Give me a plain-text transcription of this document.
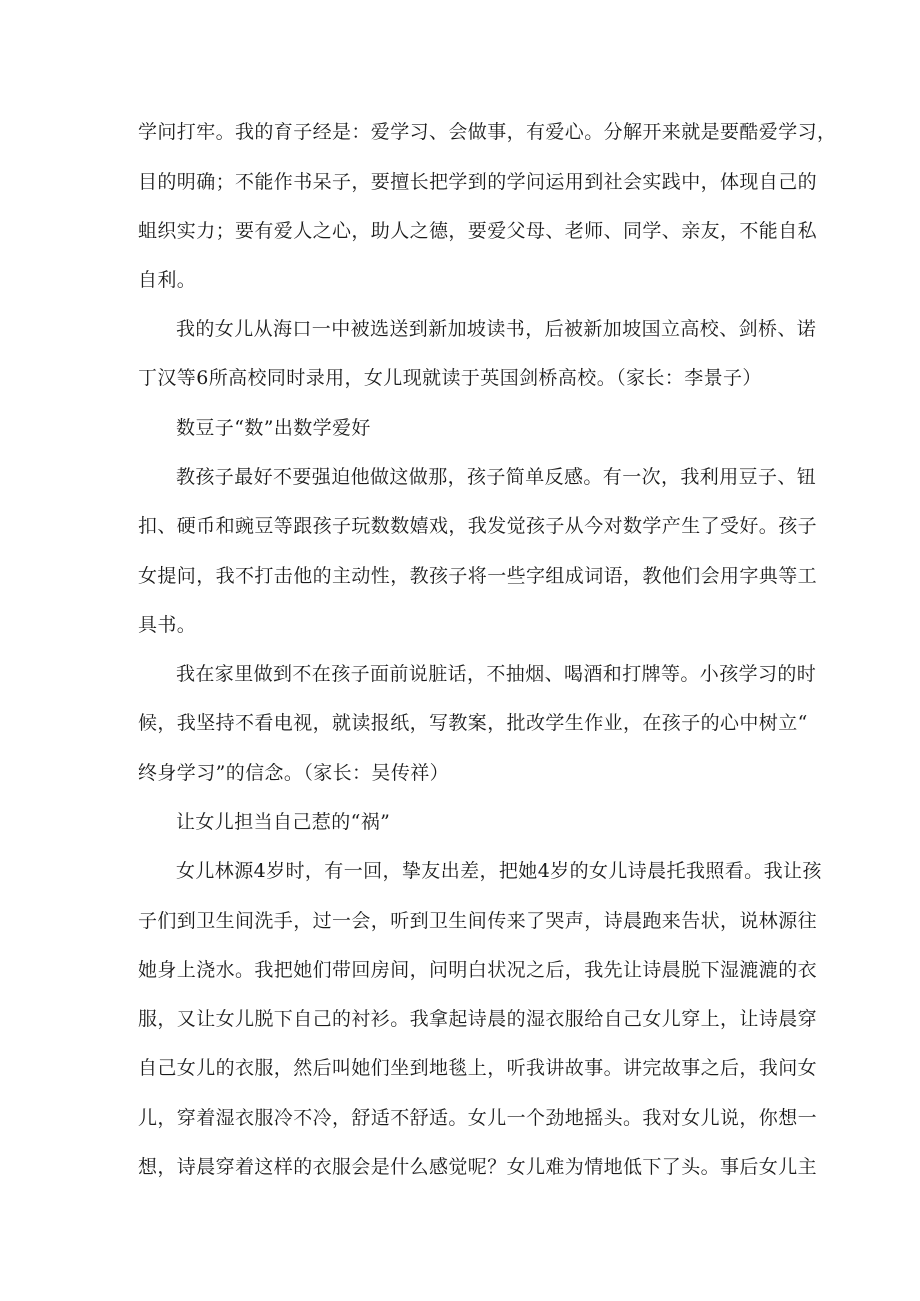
学问打牢。我的育子经是：爱学习、会做事，有爱心。分解开来就是要酷爱学习，

目的明确；不能作书呆子，要擅长把学到的学问运用到社会实践中，体现自己的

蛆织实力；要有爱人之心，助人之德，要爱父母、老师、同学、亲友，不能自私

自利。

我的女儿从海口一中被选送到新加坡读书，后被新加坡国立高校、剑桥、诺

丁汉等6所高校同时录用，女儿现就读于英国剑桥高校。（家长：李景子）

数豆子“数”出数学爱好

教孩子最好不要强迫他做这做那，孩子简单反感。有一次，我利用豆子、钮

扣、硬币和豌豆等跟孩子玩数数嬉戏，我发觉孩子从今对数学产生了受好。孩子

女提问，我不打击他的主动性，教孩子将一些字组成词语，教他们会用字典等工

具书。

我在家里做到不在孩子面前说脏话，不抽烟、喝酒和打牌等。小孩学习的时

候，我坚持不看电视，就读报纸，写教案，批改学生作业，在孩子的心中树立“

终身学习”的信念。（家长：吴传祥）

让女儿担当自己惹的“祸”

女儿林源4岁时，有一回，挚友出差，把她4岁的女儿诗晨托我照看。我让孩

子们到卫生间洗手，过一会，听到卫生间传来了哭声，诗晨跑来告状，说林源往

她身上浇水。我把她们带回房间，问明白状况之后，我先让诗晨脱下湿漉漉的衣

服，又让女儿脱下自己的衬衫。我拿起诗晨的湿衣服给自己女儿穿上，让诗晨穿

自己女儿的衣服，然后叫她们坐到地毯上，听我讲故事。讲完故事之后，我问女

儿，穿着湿衣服冷不冷，舒适不舒适。女儿一个劲地摇头。我对女儿说，你想一

想，诗晨穿着这样的衣服会是什么感觉呢？女儿难为情地低下了头。事后女儿主
